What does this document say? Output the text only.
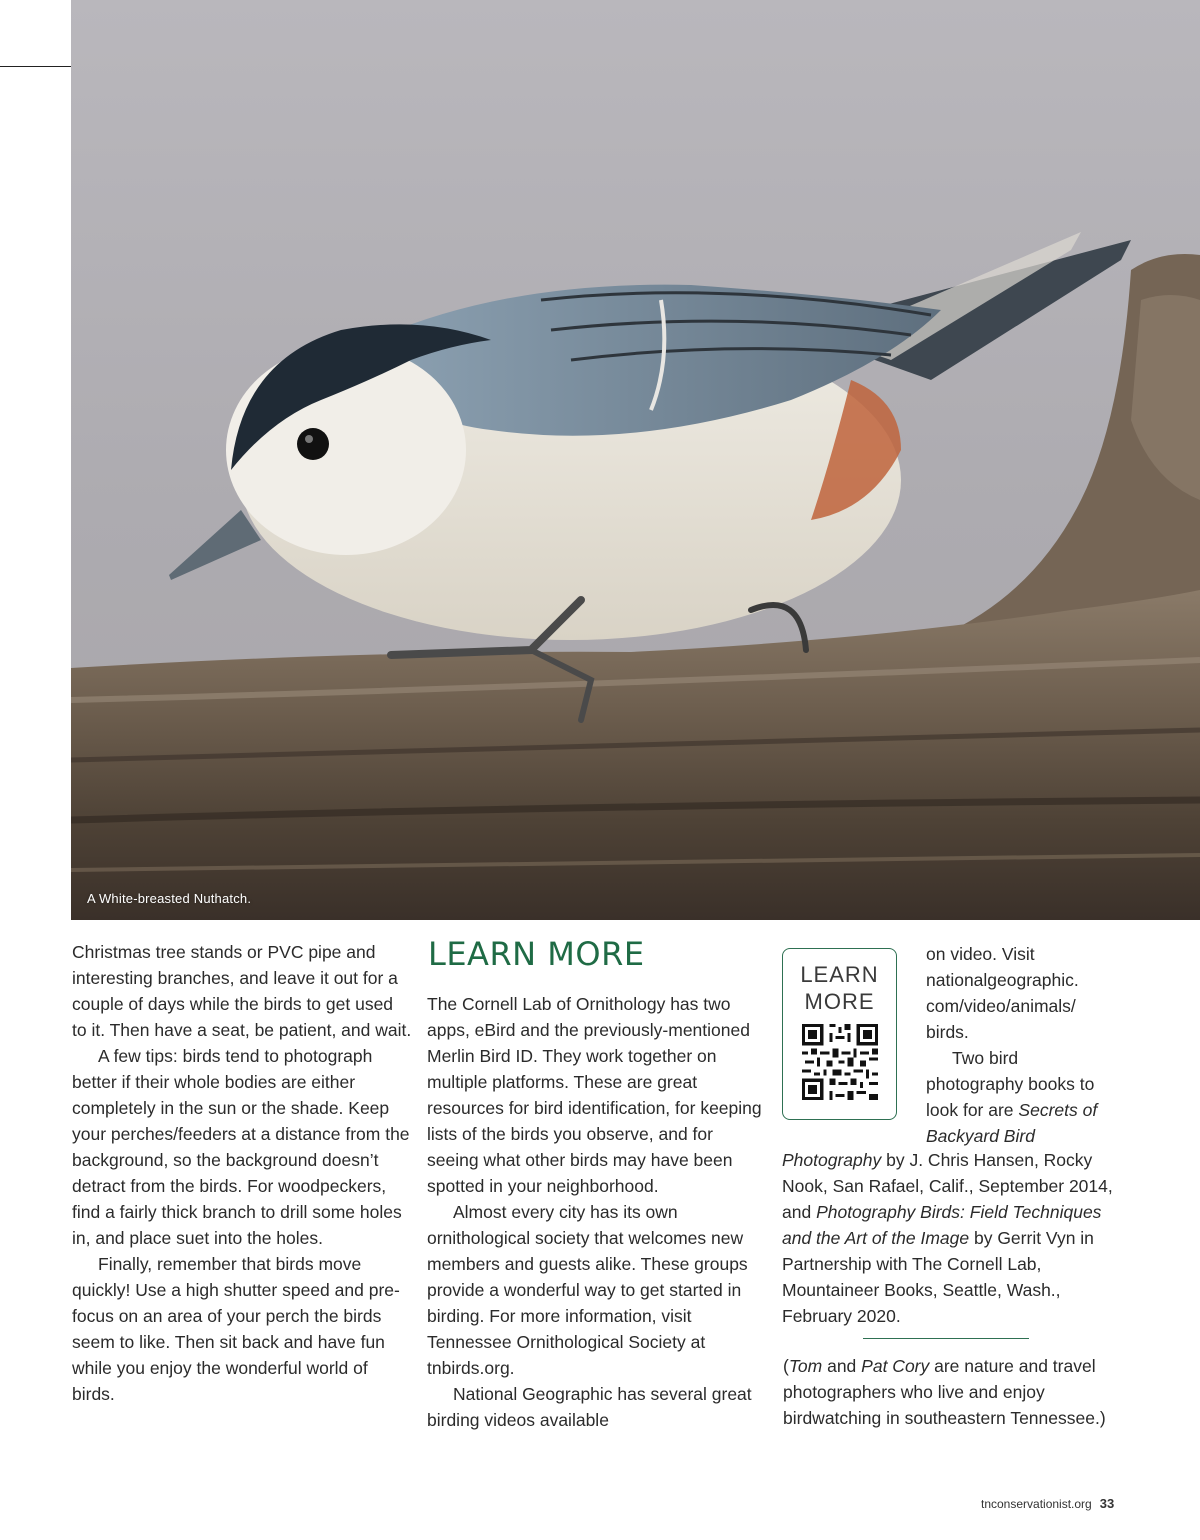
A White-breasted Nuthatch.

Christmas tree stands or PVC pipe and interesting branches, and leave it out for a couple of days while the birds to get used to it. Then have a seat, be patient, and wait.

A few tips: birds tend to photograph better if their whole bodies are either completely in the sun or the shade. Keep your perches/feeders at a distance from the background, so the background doesn’t detract from the birds. For woodpeckers, find a fairly thick branch to drill some holes in, and place suet into the holes.

Finally, remember that birds move quickly! Use a high shutter speed and pre-focus on an area of your perch the birds seem to like. Then sit back and have fun while you enjoy the wonderful world of birds.

LEARN MORE

The Cornell Lab of Ornithology has two apps, eBird and the previously-mentioned Merlin Bird ID. They work together on multiple platforms. These are great resources for bird identification, for keeping lists of the birds you observe, and for seeing what other birds may have been spotted in your neighborhood.

Almost every city has its own ornithological society that welcomes new members and guests alike. These groups provide a wonderful way to get started in birding. For more information, visit Tennessee Ornithological Society at tnbirds.org.

National Geographic has several great birding videos available

LEARN
MORE

on video. Visit nationalgeographic. com/video/animals/ birds.

Two bird photography books to look for are Secrets of Backyard Bird

Photography by J. Chris Hansen, Rocky Nook, San Rafael, Calif., September 2014, and Photography Birds: Field Techniques and the Art of the Image by Gerrit Vyn in Partnership with The Cornell Lab, Mountaineer Books, Seattle, Wash., February 2020.

(Tom and Pat Cory are nature and travel photographers who live and enjoy birdwatching in southeastern Tennessee.)

tnconservationist.org 33
